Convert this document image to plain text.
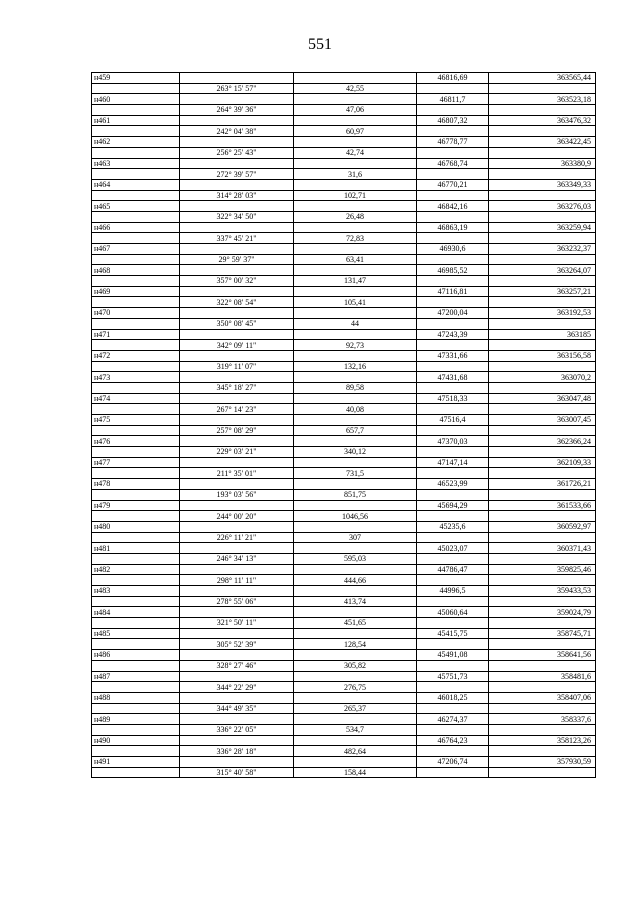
551
н459			46816,69	363565,44
	263° 15' 57"	42,55		
н460			46811,7	363523,18
	264° 39' 36"	47,06		
н461			46807,32	363476,32
	242° 04' 38"	60,97		
н462			46778,77	363422,45
	256° 25' 43"	42,74		
н463			46768,74	363380,9
	272° 39' 57"	31,6		
н464			46770,21	363349,33
	314° 28' 03"	102,71		
н465			46842,16	363276,03
	322° 34' 50"	26,48		
н466			46863,19	363259,94
	337° 45' 21"	72,83		
н467			46930,6	363232,37
	29° 59' 37"	63,41		
н468			46985,52	363264,07
	357° 00' 32"	131,47		
н469			47116,81	363257,21
	322° 08' 54"	105,41		
н470			47200,04	363192,53
	350° 08' 45"	44		
н471			47243,39	363185
	342° 09' 11"	92,73		
н472			47331,66	363156,58
	319° 11' 07"	132,16		
н473			47431,68	363070,2
	345° 18' 27"	89,58		
н474			47518,33	363047,48
	267° 14' 23"	40,08		
н475			47516,4	363007,45
	257° 08' 29"	657,7		
н476			47370,03	362366,24
	229° 03' 21"	340,12		
н477			47147,14	362109,33
	211° 35' 01"	731,5		
н478			46523,99	361726,21
	193° 03' 56"	851,75		
н479			45694,29	361533,66
	244° 00' 20"	1046,56		
н480			45235,6	360592,97
	226° 11' 21"	307		
н481			45023,07	360371,43
	246° 34' 13"	595,03		
н482			44786,47	359825,46
	298° 11' 11"	444,66		
н483			44996,5	359433,53
	278° 55' 06"	413,74		
н484			45060,64	359024,79
	321° 50' 11"	451,65		
н485			45415,75	358745,71
	305° 52' 39"	128,54		
н486			45491,08	358641,56
	328° 27' 46"	305,82		
н487			45751,73	358481,6
	344° 22' 29"	276,75		
н488			46018,25	358407,06
	344° 49' 35"	265,37		
н489			46274,37	358337,6
	336° 22' 05"	534,7		
н490			46764,23	358123,26
	336° 28' 18"	482,64		
н491			47206,74	357930,59
	315° 40' 58"	158,44		
